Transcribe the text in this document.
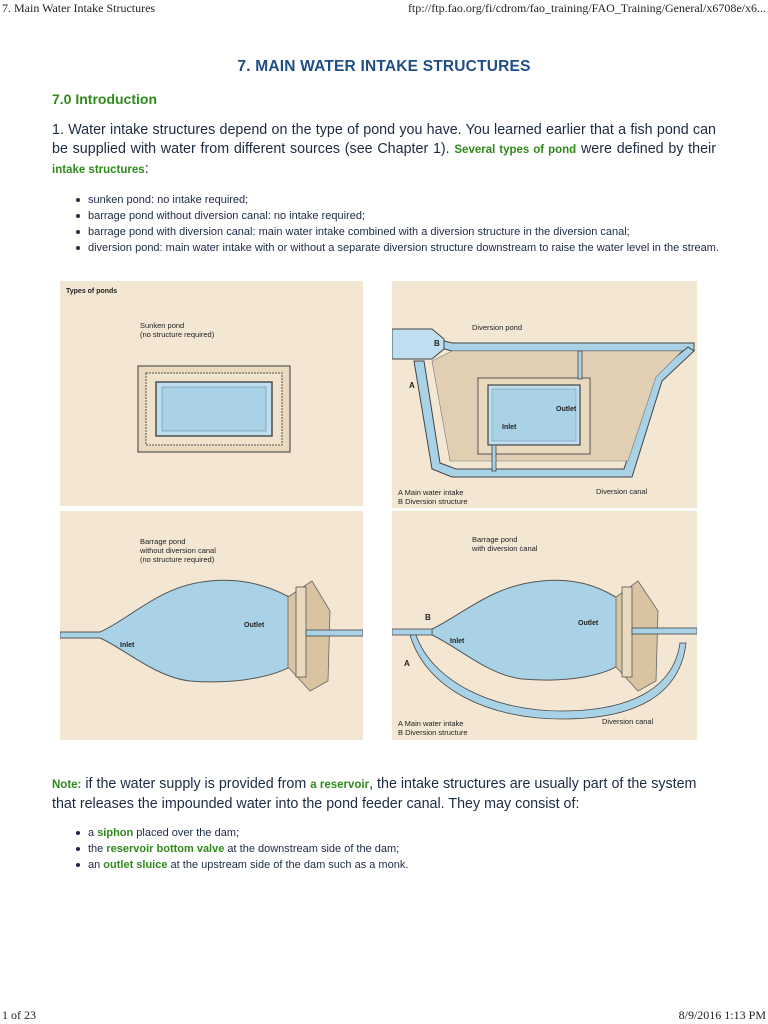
7. Main Water Intake Structures	ftp://ftp.fao.org/fi/cdrom/fao_training/FAO_Training/General/x6708e/x6...
7. MAIN WATER INTAKE STRUCTURES
7.0 Introduction
1. Water intake structures depend on the type of pond you have. You learned earlier that a fish pond can be supplied with water from different sources (see Chapter 1). Several types of pond were defined by their intake structures:
sunken pond: no intake required;
barrage pond without diversion canal: no intake required;
barrage pond with diversion canal: main water intake combined with a diversion structure in the diversion canal;
diversion pond: main water intake with or without a separate diversion structure downstream to raise the water level in the stream.
Types of ponds
Sunken pond
(no structure required)
Diversion pond
Outlet
Inlet
B
A
Diversion canal
A Main water intake
B Diversion structure
Barrage pond
without diversion canal
(no structure required)
Outlet
Inlet
Barrage pond
with diversion canal
Outlet
Inlet
B
A
Diversion canal
A Main water intake
B Diversion structure
Note: if the water supply is provided from a reservoir, the intake structures are usually part of the system that releases the impounded water into the pond feeder canal. They may consist of:
a siphon placed over the dam;
the reservoir bottom valve at the downstream side of the dam;
an outlet sluice at the upstream side of the dam such as a monk.
1 of 23	8/9/2016 1:13 PM
